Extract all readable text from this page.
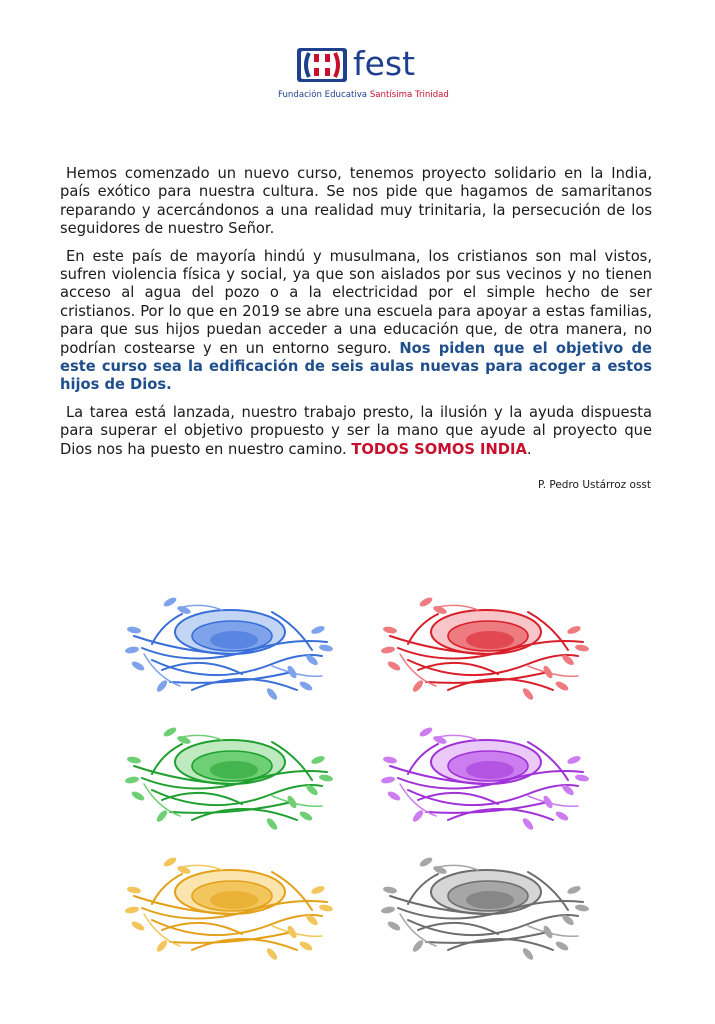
fest
Fundación Educativa Santísima Trinidad

Hemos comenzado un nuevo curso, tenemos proyecto solidario en la India, país exótico para nuestra cultura. Se nos pide que hagamos de samaritanos reparando y acercándonos a una realidad muy trinitaria, la persecución de los seguidores de nuestro Señor.

En este país de mayoría hindú y musulmana, los cristianos son mal vistos, sufren violencia física y social, ya que son aislados por sus vecinos y no tienen acceso al agua del pozo o a la electricidad por el simple hecho de ser cristianos. Por lo que en 2019 se abre una escuela para apoyar a estas familias, para que sus hijos puedan acceder a una educación que, de otra manera, no podrían costearse y en un entorno seguro. Nos piden que el objetivo de este curso sea la edificación de seis aulas nuevas para acoger a estos hijos de Dios.

La tarea está lanzada, nuestro trabajo presto, la ilusión y la ayuda dispuesta para superar el objetivo propuesto y ser la mano que ayude al proyecto que Dios nos ha puesto en nuestro camino. TODOS SOMOS INDIA.

P. Pedro Ustárroz osst
